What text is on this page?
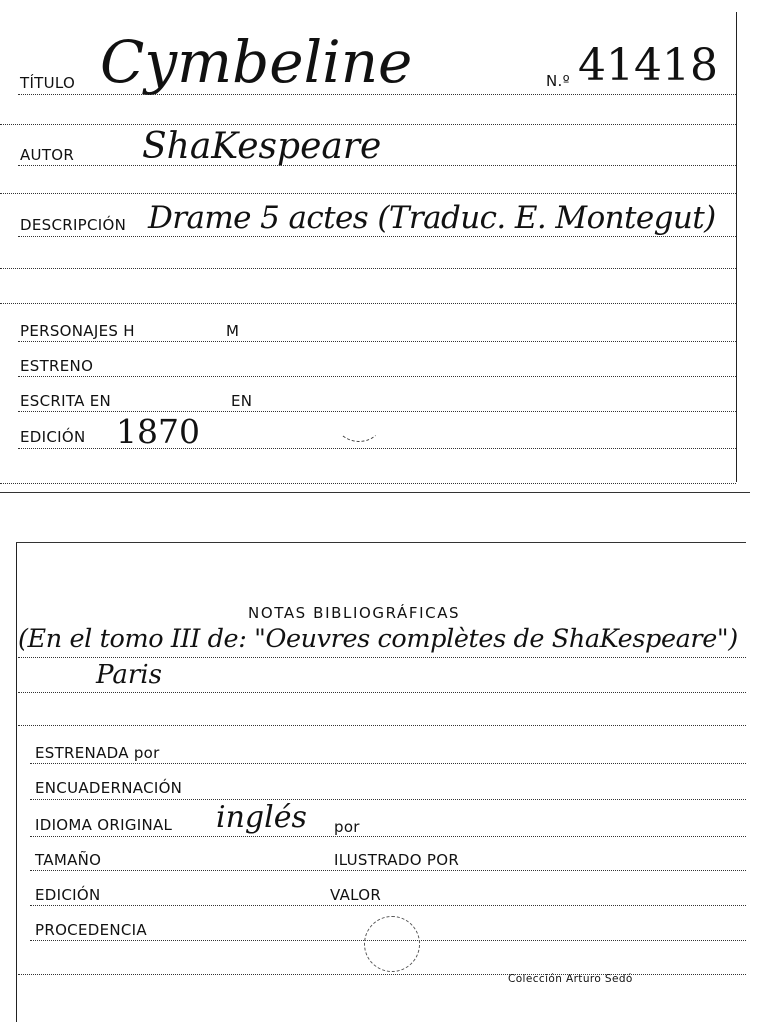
TÍTULO Cymbeline	N.º 41418
AUTOR ShaKespeare
DESCRIPCIÓN Drame 5 actes (Traduc. E. Montegut)
PERSONAJES H	M
ESTRENO
ESCRITA EN	EN
EDICIÓN 1870
NOTAS BIBLIOGRÁFICAS
(En el tomo III de: "Oeuvres complètes de ShaKespeare")
Paris
ESTRENADA por
ENCUADERNACIÓN
IDIOMA ORIGINAL inglés por
TAMAÑO	ILUSTRADO POR
EDICIÓN	VALOR
PROCEDENCIA
Colección Arturo Sedó
